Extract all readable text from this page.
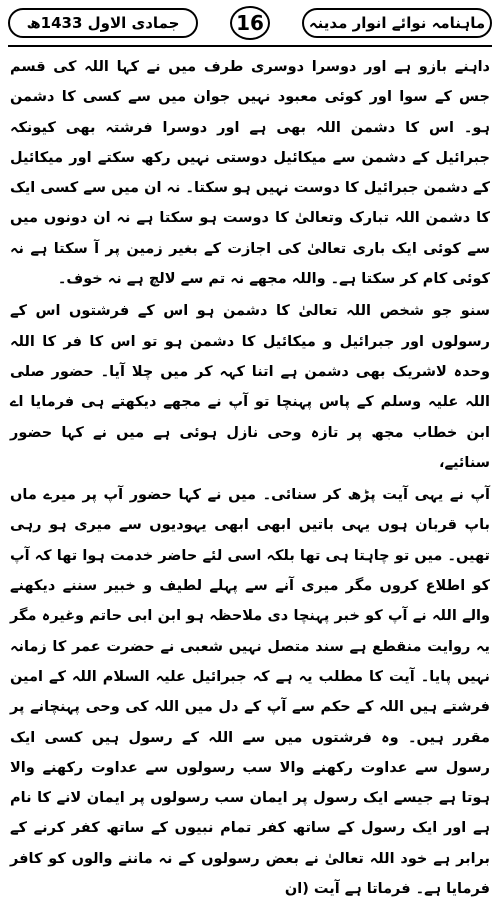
جمادی الاول 1433ھ	16	ماہنامہ نوائے انوار مدینہ

داہنے بازو ہے اور دوسرا دوسری طرف میں نے کہا اللہ کی قسم جس کے سوا اور کوئی معبود نہیں جوان میں سے کسی کا دشمن ہو۔ اس کا دشمن اللہ بھی ہے اور دوسرا فرشتہ بھی کیونکہ جبرائیل کے دشمن سے میکائیل دوستی نہیں رکھ سکتے اور میکائیل کے دشمن جبرائیل کا دوست نہیں ہو سکتا۔ نہ ان میں سے کسی ایک کا دشمن اللہ تبارک وتعالیٰ کا دوست ہو سکتا ہے نہ ان دونوں میں سے کوئی ایک باری تعالیٰ کی اجازت کے بغیر زمین پر آ سکتا ہے نہ کوئی کام کر سکتا ہے۔ واللہ مجھے نہ تم سے لالچ ہے نہ خوف۔

سنو جو شخص اللہ تعالیٰ کا دشمن ہو اس کے فرشتوں اس کے رسولوں اور جبرائیل و میکائیل کا دشمن ہو تو اس کا فر کا اللہ وحدہ لاشریک بھی دشمن ہے اتنا کہہ کر میں چلا آیا۔ حضور صلی اللہ علیہ وسلم کے پاس پہنچا تو آپ نے مجھے دیکھتے ہی فرمایا اے ابن خطاب مجھ پر تازہ وحی نازل ہوئی ہے میں نے کہا حضور سنائیے،

آپ نے یہی آیت پڑھ کر سنائی۔ میں نے کہا حضور آپ پر میرے ماں باپ قربان ہوں یہی باتیں ابھی ابھی یہودیوں سے میری ہو رہی تھیں۔ میں تو چاہتا ہی تھا بلکہ اسی لئے حاضر خدمت ہوا تھا کہ آپ کو اطلاع کروں مگر میری آنے سے پہلے لطیف و خبیر سننے دیکھنے والے اللہ نے آپ کو خبر پہنچا دی ملاحظہ ہو ابن ابی حاتم وغیرہ مگر یہ روایت منقطع ہے سند متصل نہیں شعبی نے حضرت عمر کا زمانہ نہیں پایا۔ آیت کا مطلب یہ ہے کہ جبرائیل علیہ السلام اللہ کے امین فرشتے ہیں اللہ کے حکم سے آپ کے دل میں اللہ کی وحی پہنچانے پر مقرر ہیں۔ وہ فرشتوں میں سے اللہ کے رسول ہیں کسی ایک رسول سے عداوت رکھنے والا سب رسولوں سے عداوت رکھنے والا ہوتا ہے جیسے ایک رسول پر ایمان سب رسولوں پر ایمان لانے کا نام ہے اور ایک رسول کے ساتھ کفر تمام نبیوں کے ساتھ کفر کرنے کے برابر ہے خود اللہ تعالیٰ نے بعض رسولوں کے نہ ماننے والوں کو کافر فرمایا ہے۔ فرماتا ہے آیت (ان
